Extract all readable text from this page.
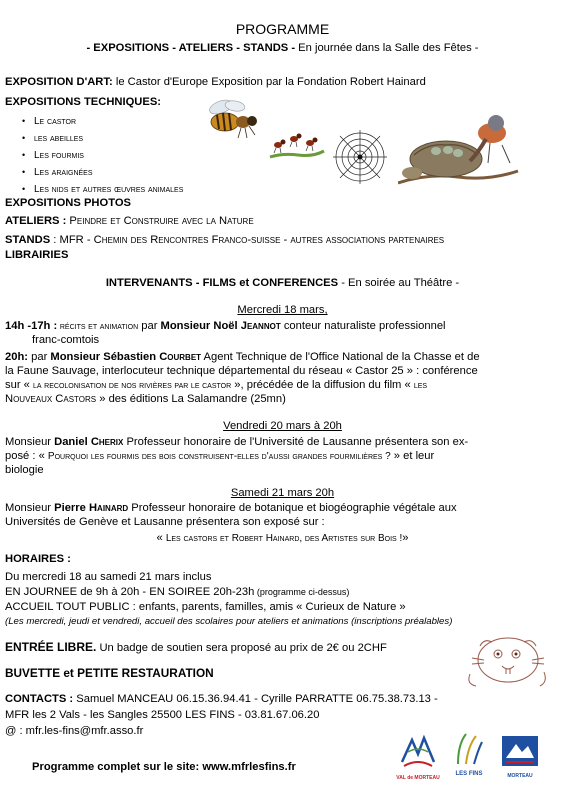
PROGRAMME
- EXPOSITIONS - ATELIERS - STANDS - En journée dans la Salle des Fêtes -
EXPOSITION D'ART: le Castor d'Europe Exposition par la Fondation Robert Hainard
EXPOSITIONS TECHNIQUES:
• Le castor
• les abeilles
• Les fourmis
• Les araignées
• Les nids et autres œuvres animales
EXPOSITIONS PHOTOS
ATELIERS : Peindre et Construire avec la Nature
STANDS : MFR - Chemin des Rencontres Franco-suisse - autres associations partenaires
LIBRAIRIES
INTERVENANTS - FILMS et CONFERENCES - En soirée au Théâtre -
Mercredi 18 mars,
14h -17h : récits et animation par Monsieur Noël Jeannot conteur naturaliste professionnel
franc-comtois
20h: par Monsieur Sébastien Courbet Agent Technique de l'Office National de la Chasse et de
la Faune Sauvage, interlocuteur technique départemental du réseau « Castor 25 » : conférence
sur « la recolonisation de nos rivières par le castor », précédée de la diffusion du film « les
Nouveaux Castors » des éditions La Salamandre (25mn)
Vendredi 20 mars à 20h
Monsieur Daniel Cherix Professeur honoraire de l'Université de Lausanne présentera son ex-
posé : « Pourquoi les fourmis des bois construisent-elles d'aussi grandes fourmilières ? » et leur
biologie
Samedi 21 mars 20h
Monsieur Pierre Hainard Professeur honoraire de botanique et biogéographie végétale aux
Universités de Genève et Lausanne présentera son exposé sur :
« Les castors et Robert Hainard, des Artistes sur Bois !»
HORAIRES :
Du mercredi 18 au samedi 21 mars inclus
EN JOURNEE de 9h à 20h - EN SOIREE 20h-23h (programme ci-dessus)
ACCUEIL TOUT PUBLIC : enfants, parents, familles, amis « Curieux de Nature »
(Les mercredi, jeudi et vendredi, accueil des scolaires pour ateliers et animations (inscriptions préalables)
ENTRÉE LIBRE. Un badge de soutien sera proposé au prix de 2€ ou 2CHF
BUVETTE et PETITE RESTAURATION
CONTACTS : Samuel MANCEAU 06.15.36.94.41 - Cyrille PARRATTE 06.75.38.73.13 -
MFR les 2 Vals - les Sangles 25500 LES FINS - 03.81.67.06.20
@ : mfr.les-fins@mfr.asso.fr
Programme complet sur le site: www.mfrlesfins.fr
VAL de MORTEAU
LES FINS	MORTEAU
